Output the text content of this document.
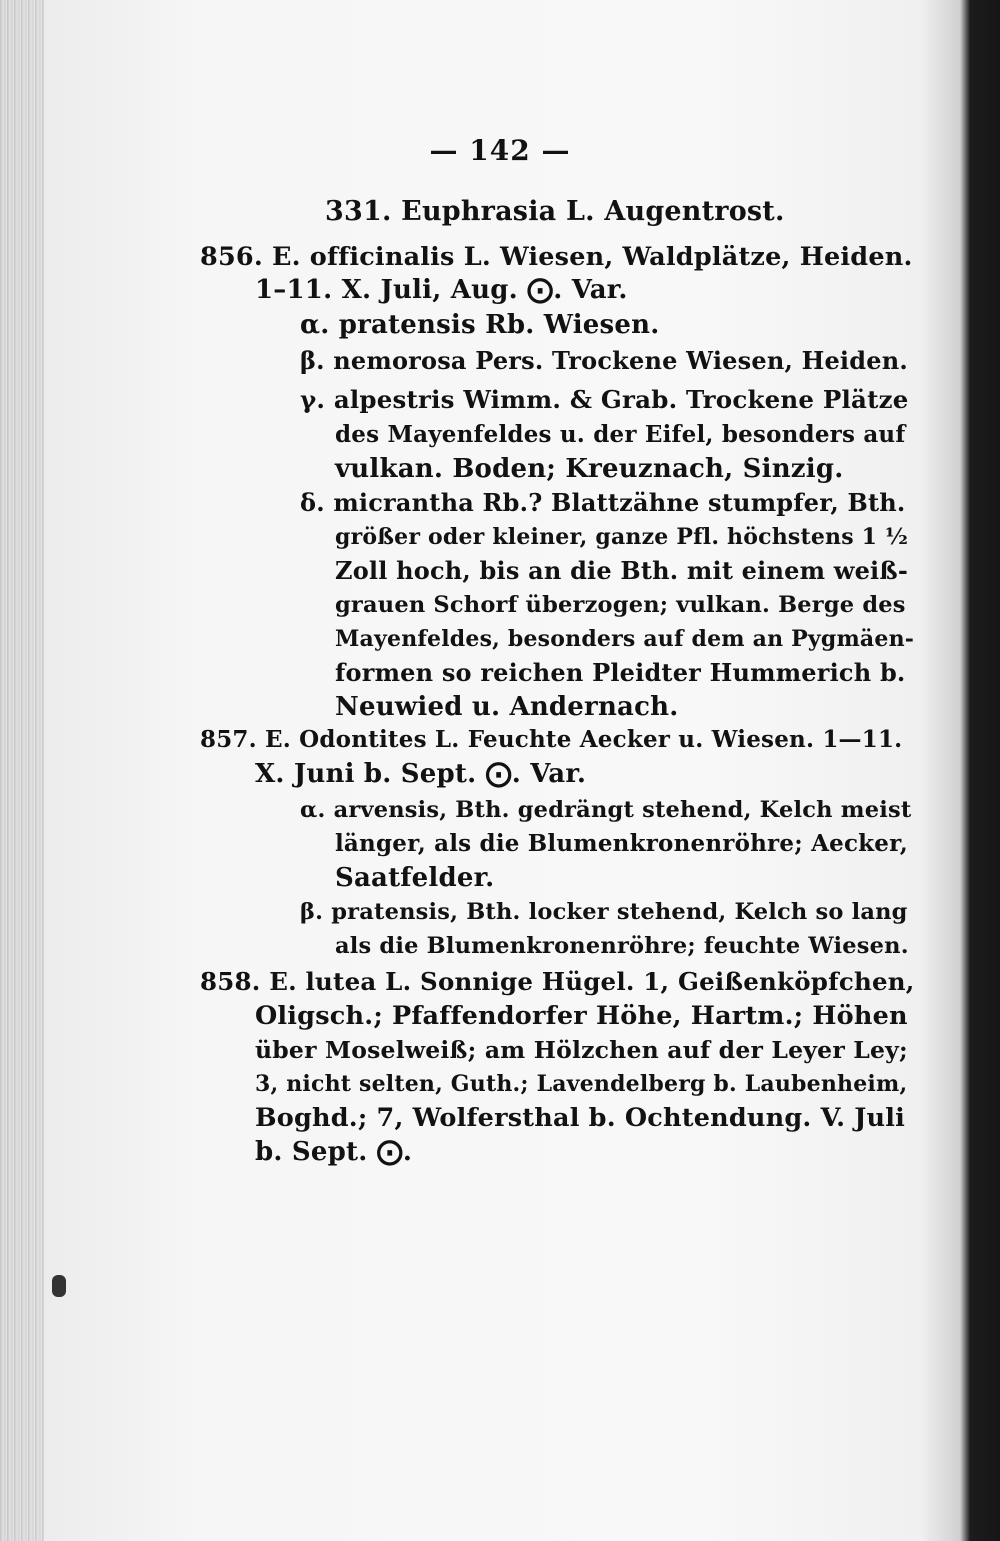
— 142 —
331. Euphrasia L. Augentrost.
856. E. officinalis L. Wiesen, Waldplätze, Heiden.
1–11. X. Juli, Aug. ⨀. Var.
α. pratensis Rb. Wiesen.
β. nemorosa Pers. Trockene Wiesen, Heiden.
γ. alpestris Wimm. & Grab. Trockene Plätze
des Mayenfeldes u. der Eifel, besonders auf
vulkan. Boden; Kreuznach, Sinzig.
δ. micrantha Rb.? Blattzähne stumpfer, Bth.
größer oder kleiner, ganze Pfl. höchstens 1 ½
Zoll hoch, bis an die Bth. mit einem weiß-
grauen Schorf überzogen; vulkan. Berge des
Mayenfeldes, besonders auf dem an Pygmäen-
formen so reichen Pleidter Hummerich b.
Neuwied u. Andernach.
857. E. Odontites L. Feuchte Aecker u. Wiesen. 1—11.
X. Juni b. Sept. ⨀. Var.
α. arvensis, Bth. gedrängt stehend, Kelch meist
länger, als die Blumenkronenröhre; Aecker,
Saatfelder.
β. pratensis, Bth. locker stehend, Kelch so lang
als die Blumenkronenröhre; feuchte Wiesen.
858. E. lutea L. Sonnige Hügel. 1, Geißenköpfchen,
Oligsch.; Pfaffendorfer Höhe, Hartm.; Höhen
über Moselweiß; am Hölzchen auf der Leyer Ley;
3, nicht selten, Guth.; Lavendelberg b. Laubenheim,
Boghd.; 7, Wolfersthal b. Ochtendung. V. Juli
b. Sept. ⨀.
